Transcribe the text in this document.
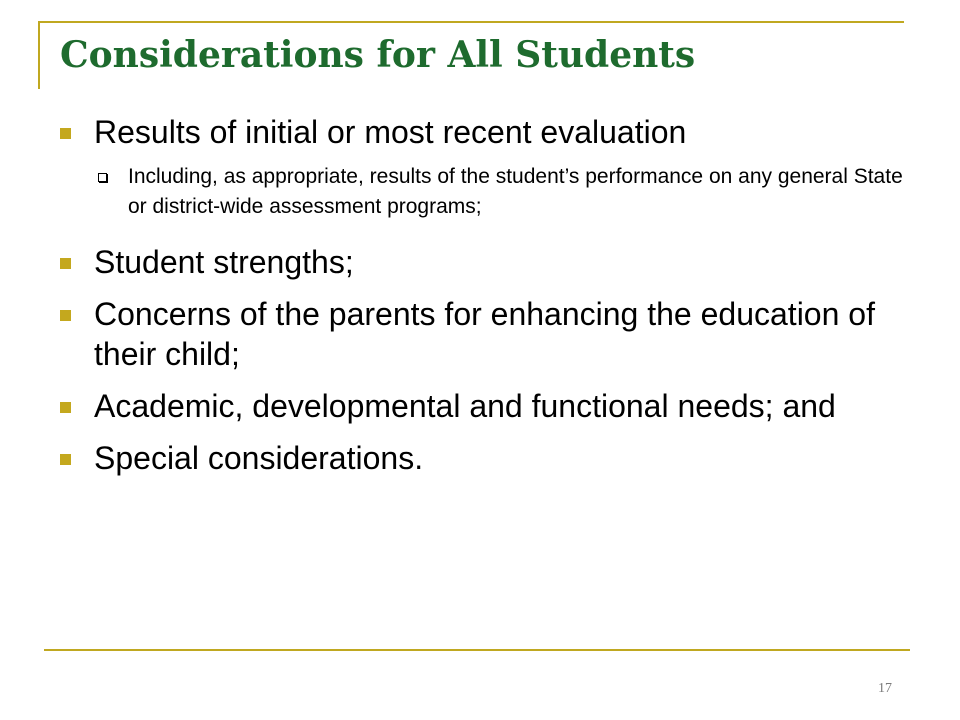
Considerations for All Students
Results of initial or most recent evaluation
Including, as appropriate, results of the student’s performance on any general State or district-wide assessment programs;
Student strengths;
Concerns of the parents for enhancing the education of their child;
Academic, developmental and functional needs; and
Special considerations.
17
